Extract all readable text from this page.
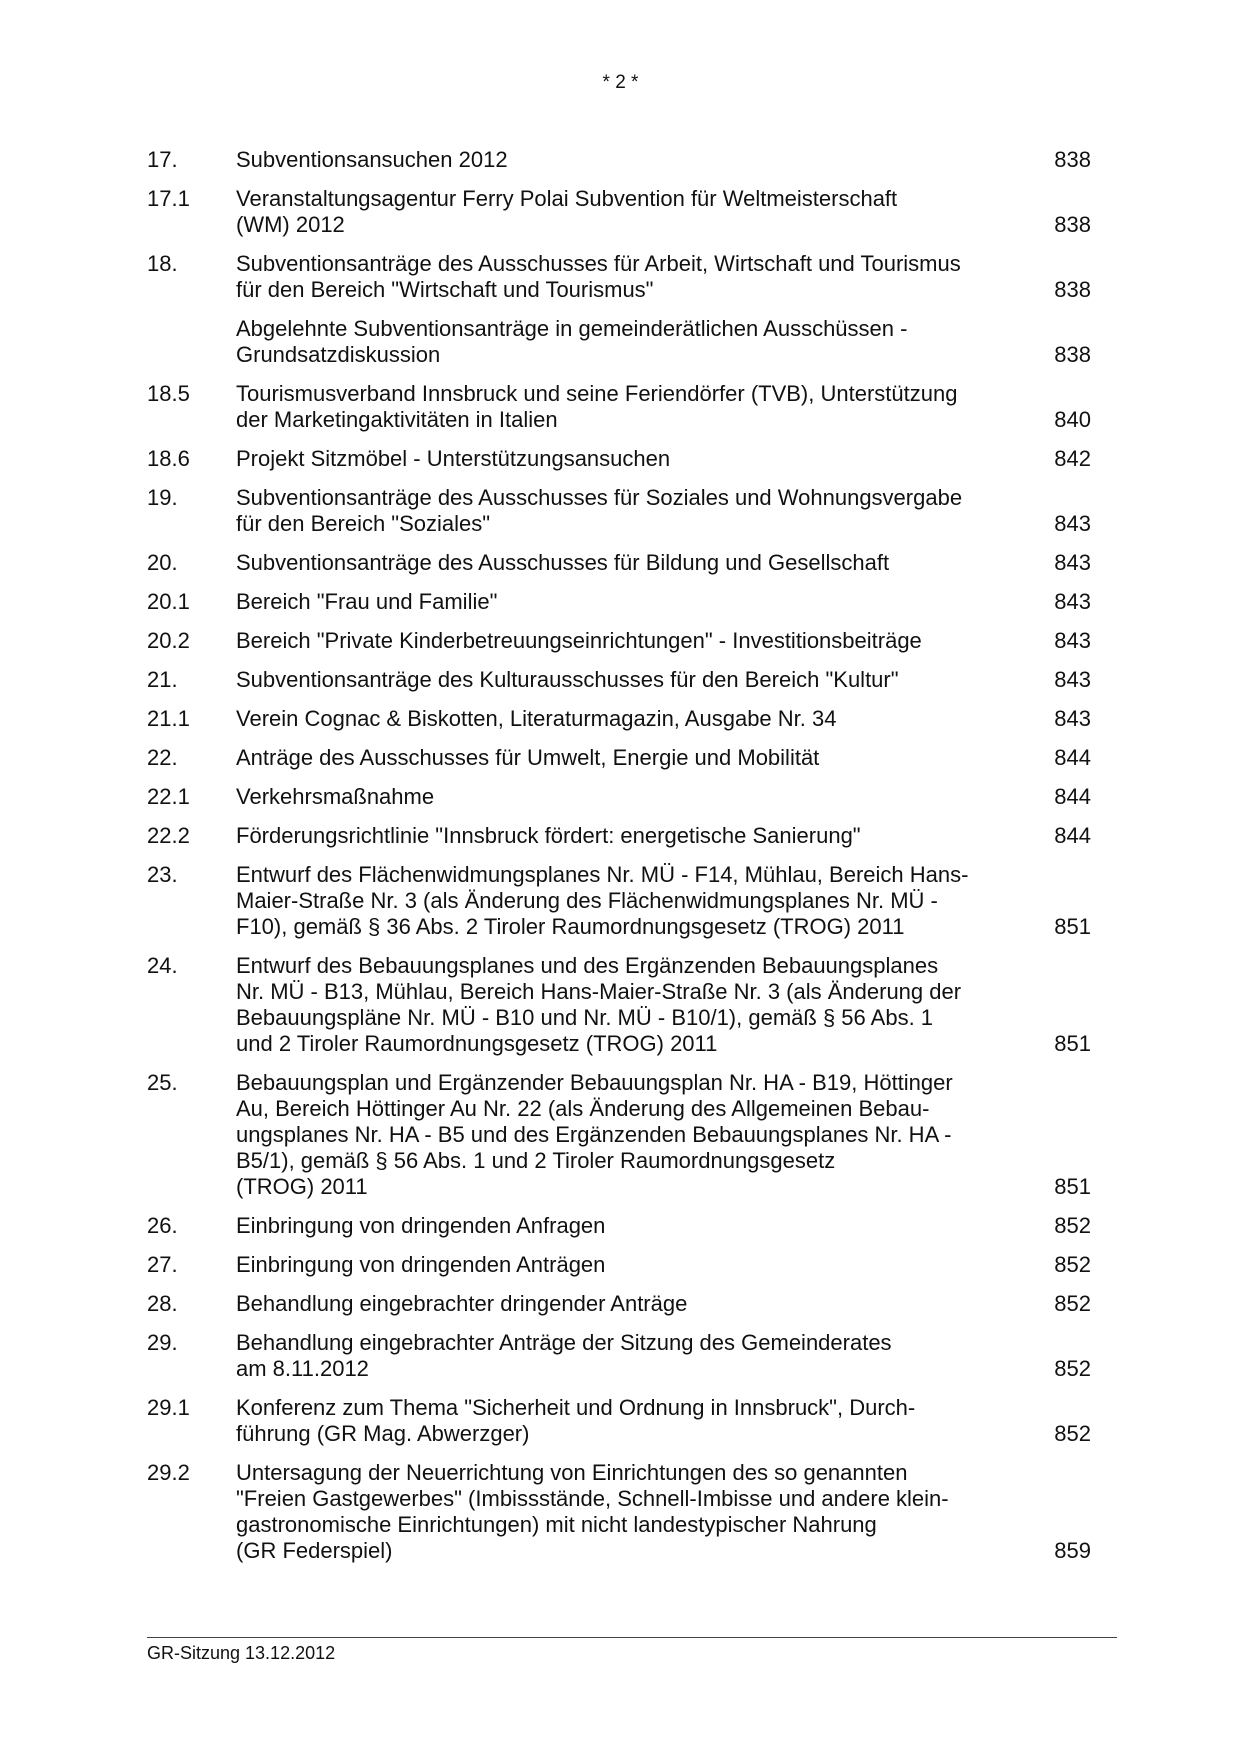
* 2 *
17.	Subventionsansuchen 2012	838
17.1	Veranstaltungsagentur Ferry Polai Subvention für Weltmeisterschaft
(WM) 2012	838
18.	Subventionsanträge des Ausschusses für Arbeit, Wirtschaft und Tourismus
für den Bereich "Wirtschaft und Tourismus"	838
Abgelehnte Subventionsanträge in gemeinderätlichen Ausschüssen -
Grundsatzdiskussion	838
18.5	Tourismusverband Innsbruck und seine Feriendörfer (TVB), Unterstützung
der Marketingaktivitäten in Italien	840
18.6	Projekt Sitzmöbel - Unterstützungsansuchen	842
19.	Subventionsanträge des Ausschusses für Soziales und Wohnungsvergabe
für den Bereich "Soziales"	843
20.	Subventionsanträge des Ausschusses für Bildung und Gesellschaft	843
20.1	Bereich "Frau und Familie"	843
20.2	Bereich "Private Kinderbetreuungseinrichtungen" - Investitionsbeiträge	843
21.	Subventionsanträge des Kulturausschusses für den Bereich "Kultur"	843
21.1	Verein Cognac & Biskotten, Literaturmagazin, Ausgabe Nr. 34	843
22.	Anträge des Ausschusses für Umwelt, Energie und Mobilität	844
22.1	Verkehrsmaßnahme	844
22.2	Förderungsrichtlinie "Innsbruck fördert: energetische Sanierung"	844
23.	Entwurf des Flächenwidmungsplanes Nr. MÜ - F14, Mühlau, Bereich Hans-
Maier-Straße Nr. 3 (als Änderung des Flächenwidmungsplanes Nr. MÜ -
F10), gemäß § 36 Abs. 2 Tiroler Raumordnungsgesetz (TROG) 2011	851
24.	Entwurf des Bebauungsplanes und des Ergänzenden Bebauungsplanes
Nr. MÜ - B13, Mühlau, Bereich Hans-Maier-Straße Nr. 3 (als Änderung der
Bebauungspläne Nr. MÜ - B10 und Nr. MÜ - B10/1), gemäß § 56 Abs. 1
und 2 Tiroler Raumordnungsgesetz (TROG) 2011	851
25.	Bebauungsplan und Ergänzender Bebauungsplan Nr. HA - B19, Höttinger
Au, Bereich Höttinger Au Nr. 22 (als Änderung des Allgemeinen Bebau-
ungsplanes Nr. HA - B5 und des Ergänzenden Bebauungsplanes Nr. HA -
B5/1), gemäß § 56 Abs. 1 und 2 Tiroler Raumordnungsgesetz
(TROG) 2011	851
26.	Einbringung von dringenden Anfragen	852
27.	Einbringung von dringenden Anträgen	852
28.	Behandlung eingebrachter dringender Anträge	852
29.	Behandlung eingebrachter Anträge der Sitzung des Gemeinderates
am 8.11.2012	852
29.1	Konferenz zum Thema "Sicherheit und Ordnung in Innsbruck", Durch-
führung (GR Mag. Abwerzger)	852
29.2	Untersagung der Neuerrichtung von Einrichtungen des so genannten
"Freien Gastgewerbes" (Imbissstände, Schnell-Imbisse und andere klein-
gastronomische Einrichtungen) mit nicht landestypischer Nahrung
(GR Federspiel)	859
GR-Sitzung 13.12.2012
